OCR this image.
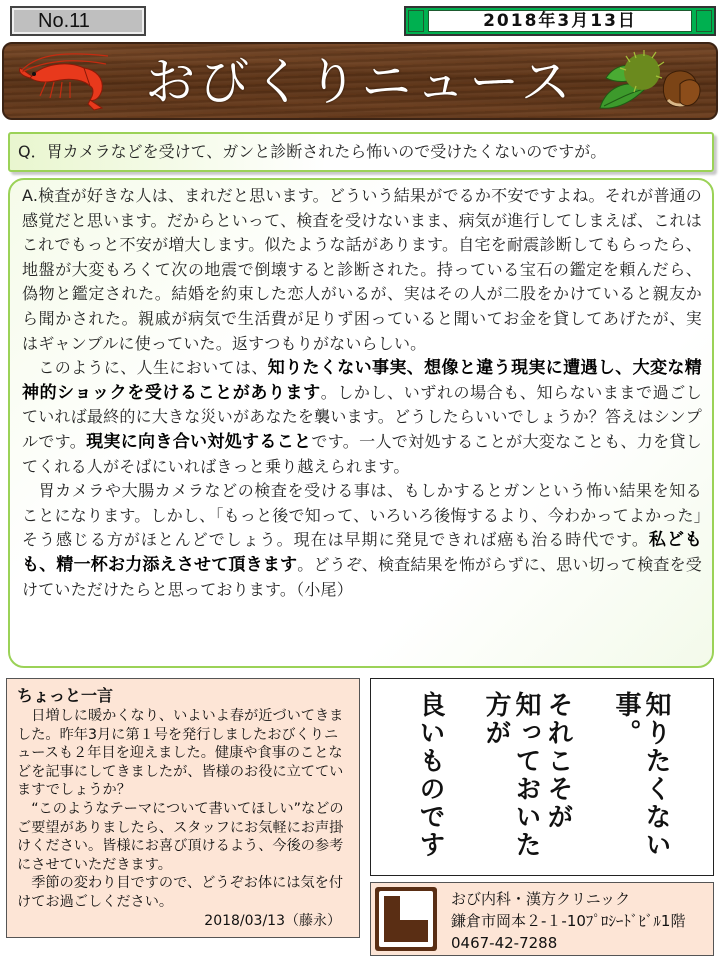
No.11	2018年3月13日
おびくりニュース
Q．胃カメラなどを受けて、ガンと診断されたら怖いので受けたくないのですが。

A.検査が好きな人は、まれだと思います。どういう結果がでるか不安ですよね。それが普通の感覚だと思います。だからといって、検査を受けないまま、病気が進行してしまえば、これはこれでもっと不安が増大します。似たような話があります。自宅を耐震診断してもらったら、地盤が大変もろくて次の地震で倒壊すると診断された。持っている宝石の鑑定を頼んだら、偽物と鑑定された。結婚を約束した恋人がいるが、実はその人が二股をかけていると親友から聞かされた。親戚が病気で生活費が足りず困っていると聞いてお金を貸してあげたが、実はギャンブルに使っていた。返すつもりがないらしい。

　このように、人生においては、知りたくない事実、想像と違う現実に遭遇し、大変な精神的ショックを受けることがあります。しかし、いずれの場合も、知らないままで過ごしていれば最終的に大きな災いがあなたを襲います。どうしたらいいでしょうか？答えはシンプルです。現実に向き合い対処することです。一人で対処することが大変なことも、力を貸してくれる人がそばにいればきっと乗り越えられます。

　胃カメラや大腸カメラなどの検査を受ける事は、もしかするとガンという怖い結果を知ることになります。しかし、「もっと後で知って、いろいろ後悔するより、今わかってよかった」そう感じる方がほとんどでしょう。現在は早期に発見できれば癌も治る時代です。私どもも、精一杯お力添えさせて頂きます。どうぞ、検査結果を怖がらずに、思い切って検査を受けていただけたらと思っております。（小尾）

ちょっと一言

　日増しに暖かくなり、いよいよ春が近づいてきました。昨年3月に第１号を発行しましたおびくりニュースも２年目を迎えました。健康や食事のことなどを記事にしてきましたが、皆様のお役に立てていますでしょうか？

　“このようなテーマについて書いてほしい”などのご要望がありましたら、スタッフにお気軽にお声掛けください。皆様にお喜び頂けるよう、今後の参考にさせていただきます。

　季節の変わり目ですので、どうぞお体には気を付けてお過ごしください。

2018/03/13（藤永）
知りたくない事。
それこそが
知っておいた方が
良いものです
おび内科・漢方クリニック
鎌倉市岡本２-１-10ﾌﾟﾛｼｰﾄﾞﾋﾞﾙ1階
0467-42-7288
